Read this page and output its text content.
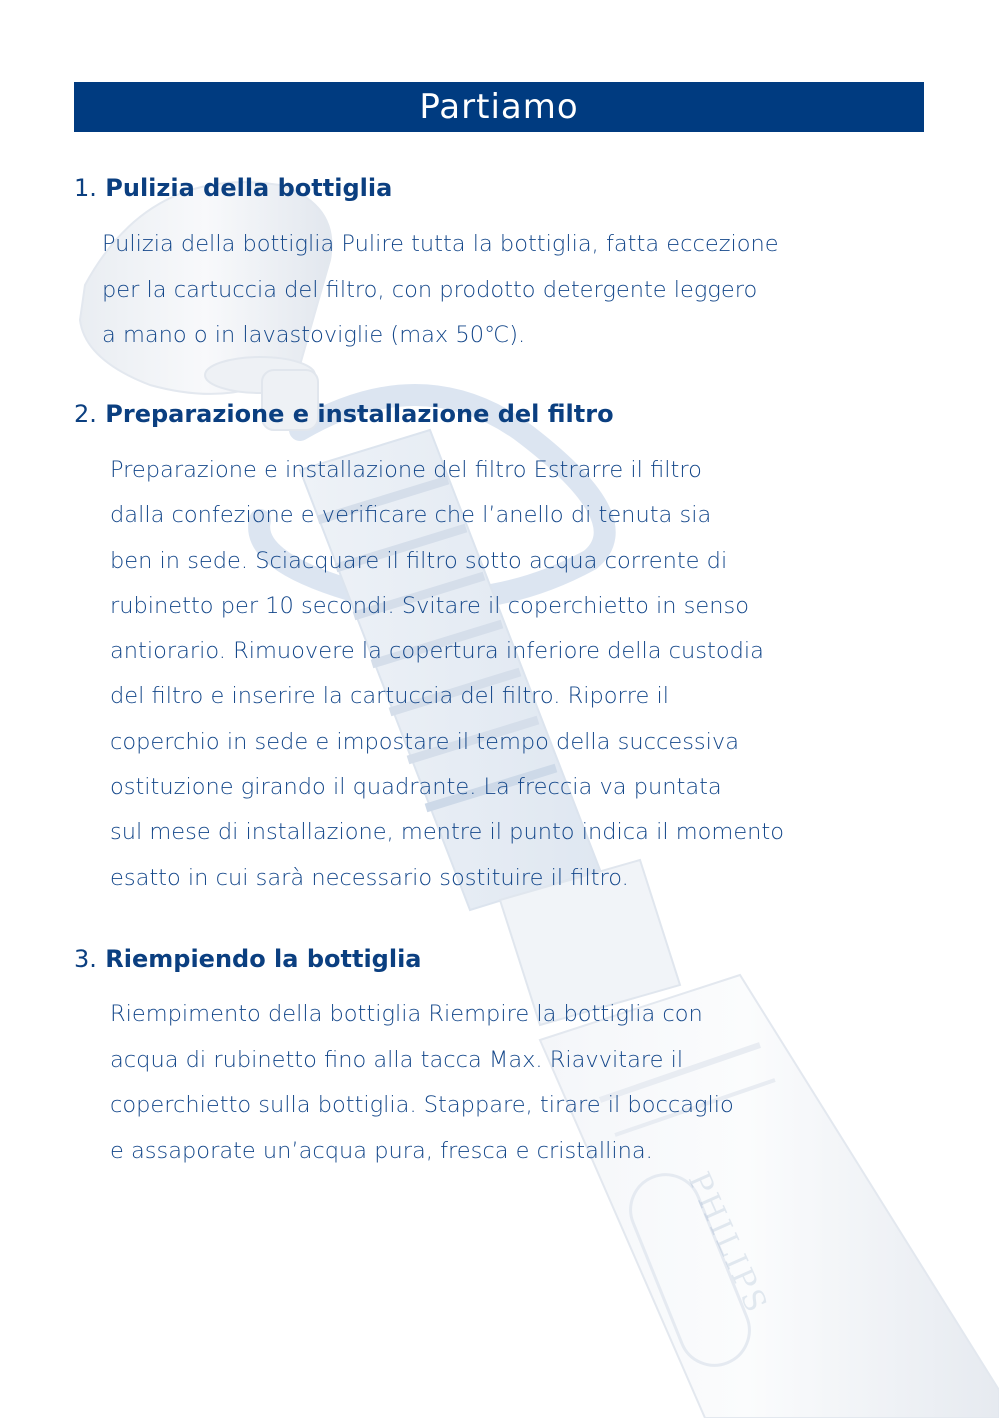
PHILIPS
Partiamo
1. Pulizia della bottiglia
Pulizia della bottiglia Pulire tutta la bottiglia, fatta eccezione
per la cartuccia del filtro, con prodotto detergente leggero
a mano o in lavastoviglie (max 50℃).
2. Preparazione e installazione del filtro
Preparazione e installazione del filtro Estrarre il filtro
dalla confezione e verificare che l’anello di tenuta sia
ben in sede. Sciacquare il filtro sotto acqua corrente di
rubinetto per 10 secondi. Svitare il coperchietto in senso
antiorario. Rimuovere la copertura inferiore della custodia
del filtro e inserire la cartuccia del filtro. Riporre il
coperchio in sede e impostare il tempo della successiva
ostituzione girando il quadrante. La freccia va puntata
sul mese di installazione, mentre il punto indica il momento
esatto in cui sarà necessario sostituire il filtro.
3. Riempiendo la bottiglia
Riempimento della bottiglia Riempire la bottiglia con
acqua di rubinetto fino alla tacca Max. Riavvitare il
coperchietto sulla bottiglia. Stappare, tirare il boccaglio
e assaporate un’acqua pura, fresca e cristallina.
